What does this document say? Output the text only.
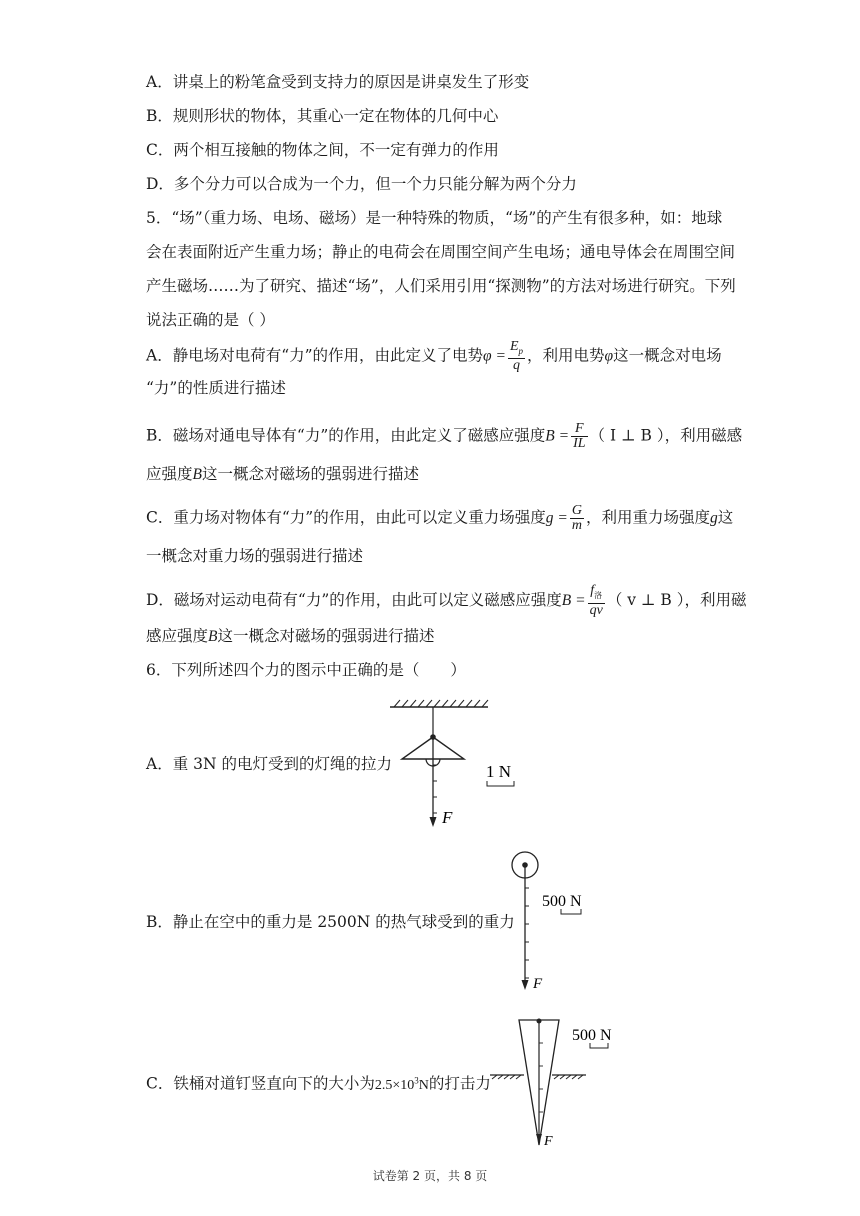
A．讲桌上的粉笔盒受到支持力的原因是讲桌发生了形变
B．规则形状的物体，其重心一定在物体的几何中心
C．两个相互接触的物体之间，不一定有弹力的作用
D．多个分力可以合成为一个力，但一个力只能分解为两个分力
5．“场”（重力场、电场、磁场）是一种特殊的物质，“场”的产生有很多种，如：地球
会在表面附近产生重力场；静止的电荷会在周围空间产生电场；通电导体会在周围空间
产生磁场……为了研究、描述“场”，人们采用引用“探测物”的方法对场进行研究。下列
说法正确的是（ ）
A．静电场对电荷有“力”的作用，由此定义了电势$\varphi = \frac{E_p}{q}$ ，利用电势φ这一概念对电场
“力”的性质进行描述
B．磁场对通电导体有“力”的作用，由此定义了磁感应强度$B = \frac{F}{IL}$ （ I ⊥ B ），利用磁感
应强度B这一概念对磁场的强弱进行描述
C．重力场对物体有“力”的作用，由此可以定义重力场强度$g = \frac{G}{m}$ ，利用重力场强度g这
一概念对重力场的强弱进行描述
D．磁场对运动电荷有“力”的作用，由此可以定义磁感应强度$B = \frac{f_洛}{qv}$ （ v ⊥ B ），利用磁
感应强度B这一概念对磁场的强弱进行描述
6．下列所述四个力的图示中正确的是（　　）
A．重 3N 的电灯受到的灯绳的拉力
F
1 N
B．静止在空中的重力是 2500N 的热气球受到的重力
F
500 N
C．铁桶对道钉竖直向下的大小为$2.5\times 10^3N$的打击力
F
500 N
试卷第 2 页，共 8 页
